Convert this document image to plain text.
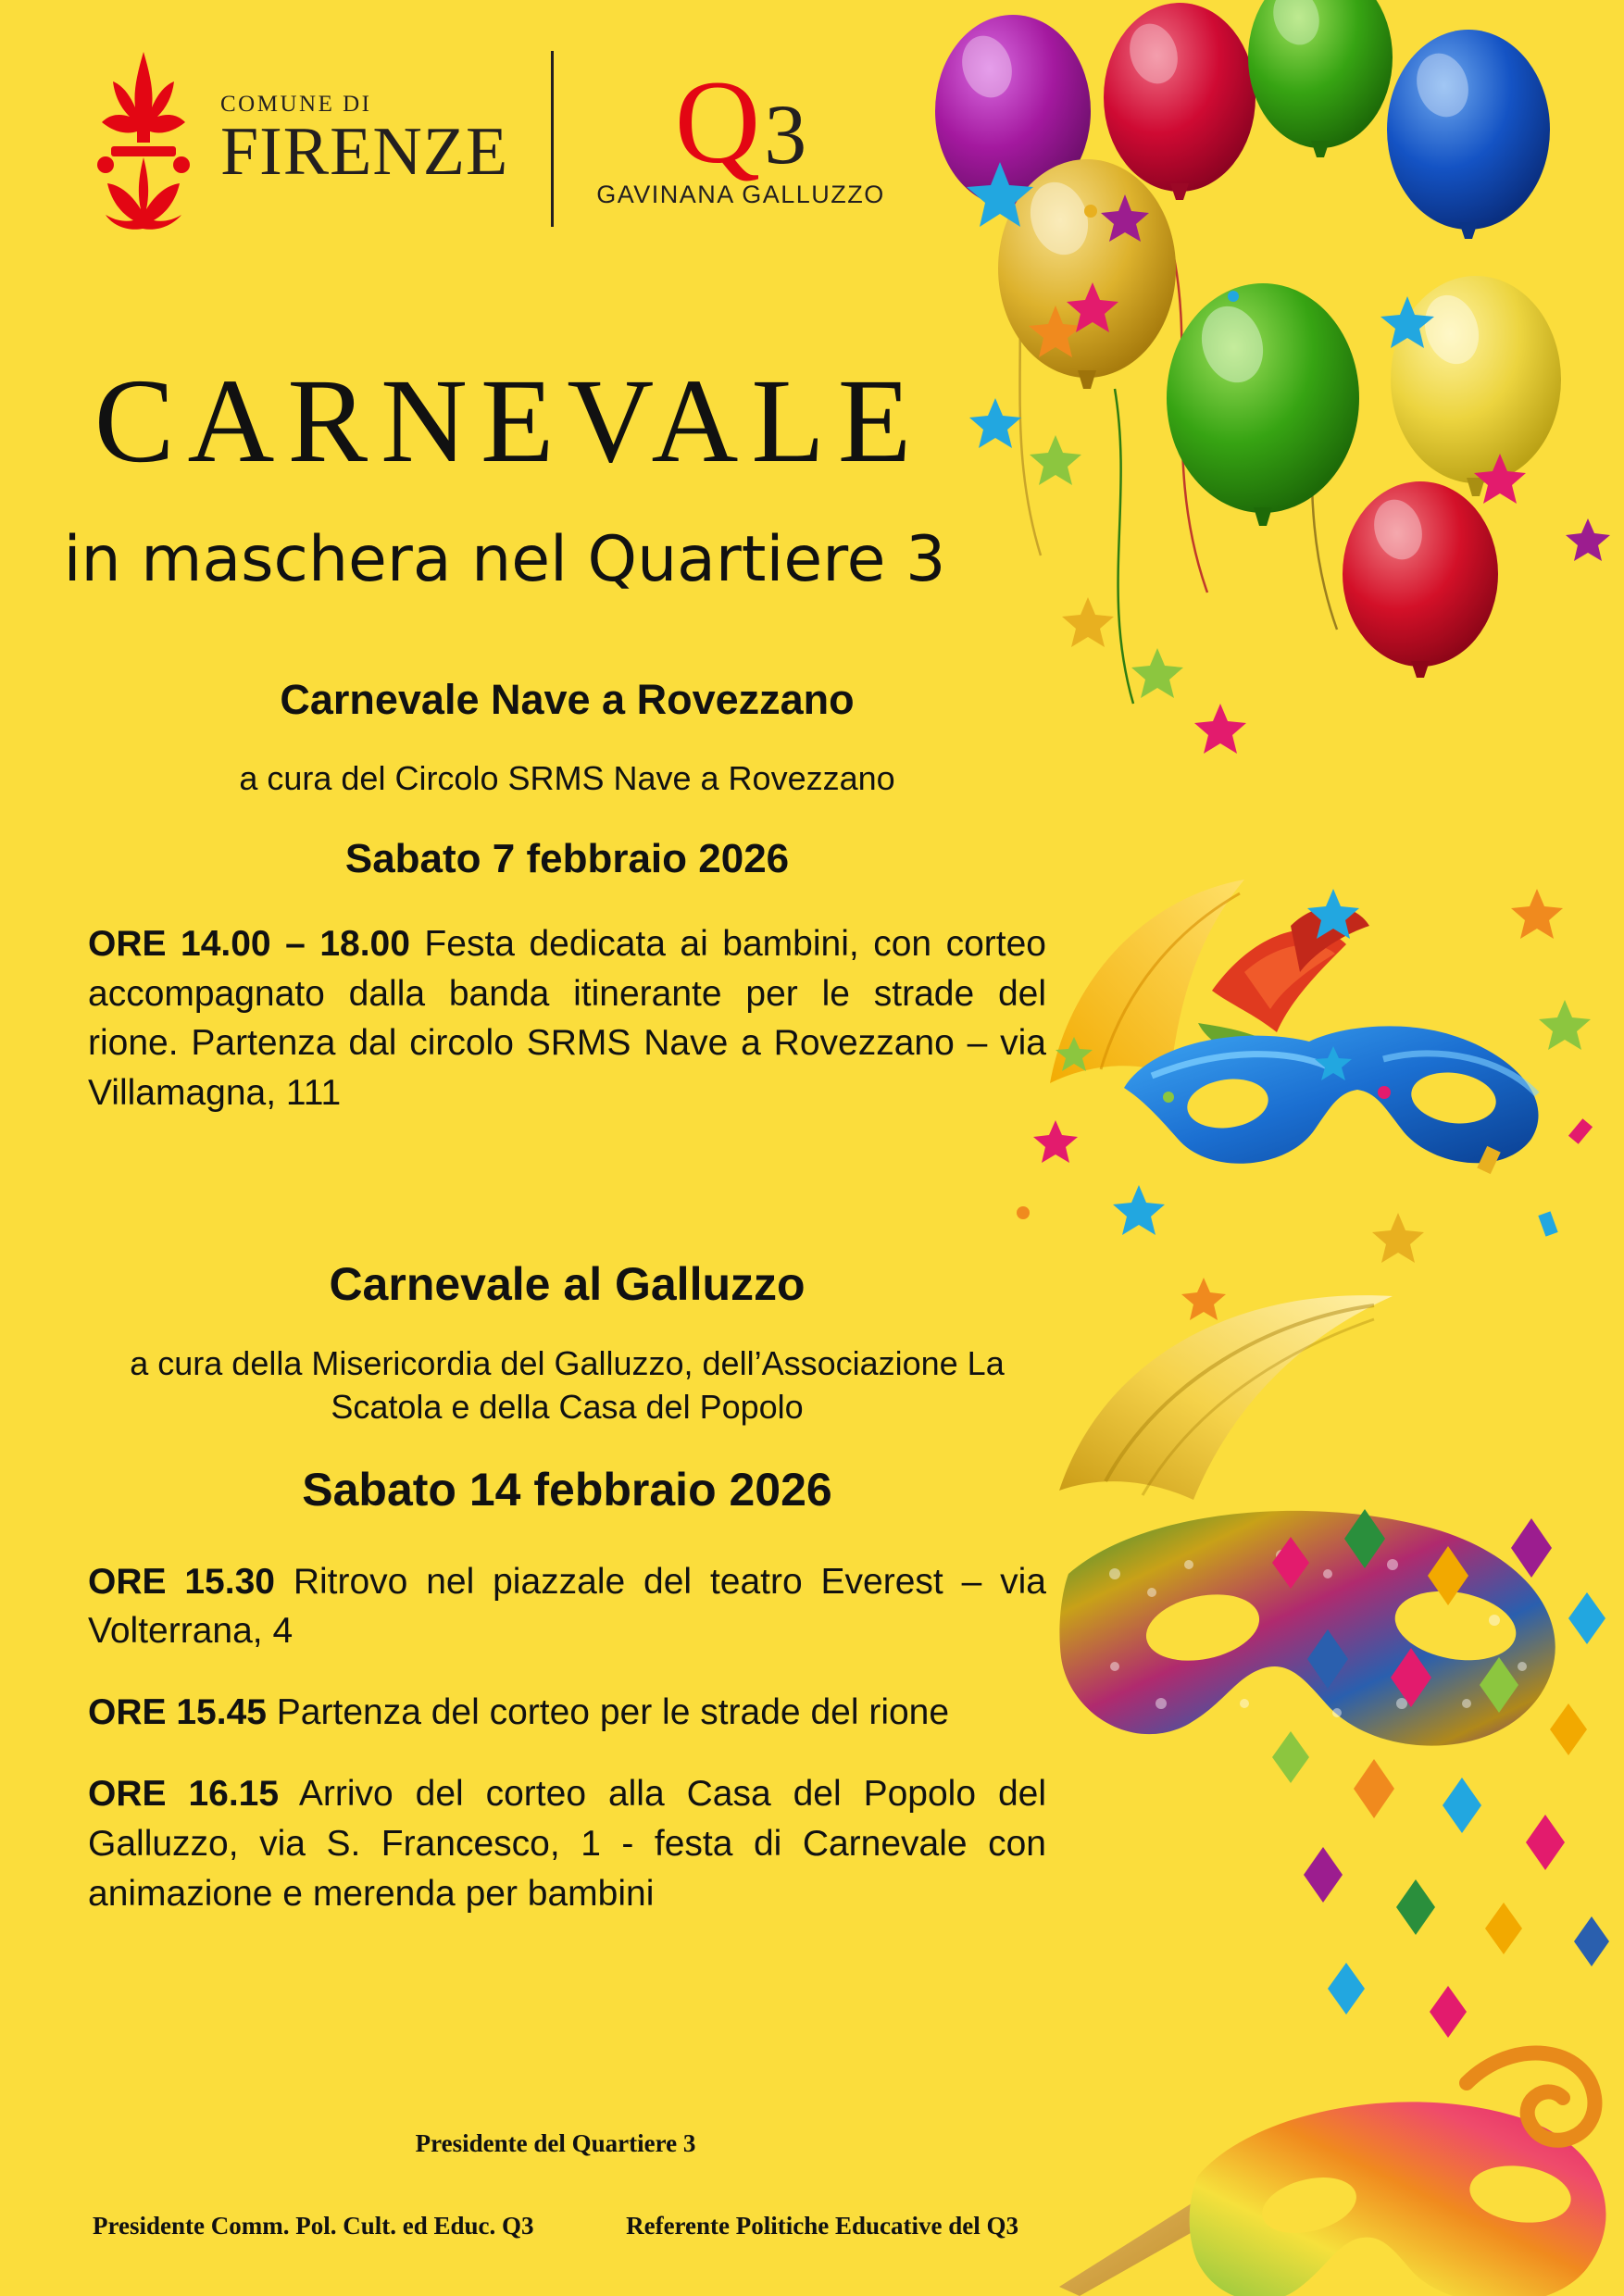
COMUNE DI
FIRENZE Q 3
GAVINANA GALLUZZO
CARNEVALE
in maschera nel Quartiere 3
Carnevale Nave a Rovezzano
a cura del Circolo SRMS Nave a Rovezzano
Sabato 7 febbraio 2026

ORE 14.00 – 18.00 Festa dedicata ai bambini, con corteo accompagnato dalla banda itinerante per le strade del rione. Partenza dal circolo SRMS Nave a Rovezzano – via Villamagna, 111

Carnevale al Galluzzo
a cura della Misericordia del Galluzzo, dell’Associazione La Scatola e della Casa del Popolo
Sabato 14 febbraio 2026

ORE 15.30 Ritrovo nel piazzale del teatro Everest – via Volterrana, 4

ORE 15.45 Partenza del corteo per le strade del rione

ORE 16.15 Arrivo del corteo alla Casa del Popolo del Galluzzo, via S. Francesco, 1 - festa di Carnevale con animazione e merenda per bambini

Presidente del Quartiere 3
Presidente Comm. Pol. Cult. ed Educ. Q3	Referente Politiche Educative del Q3
